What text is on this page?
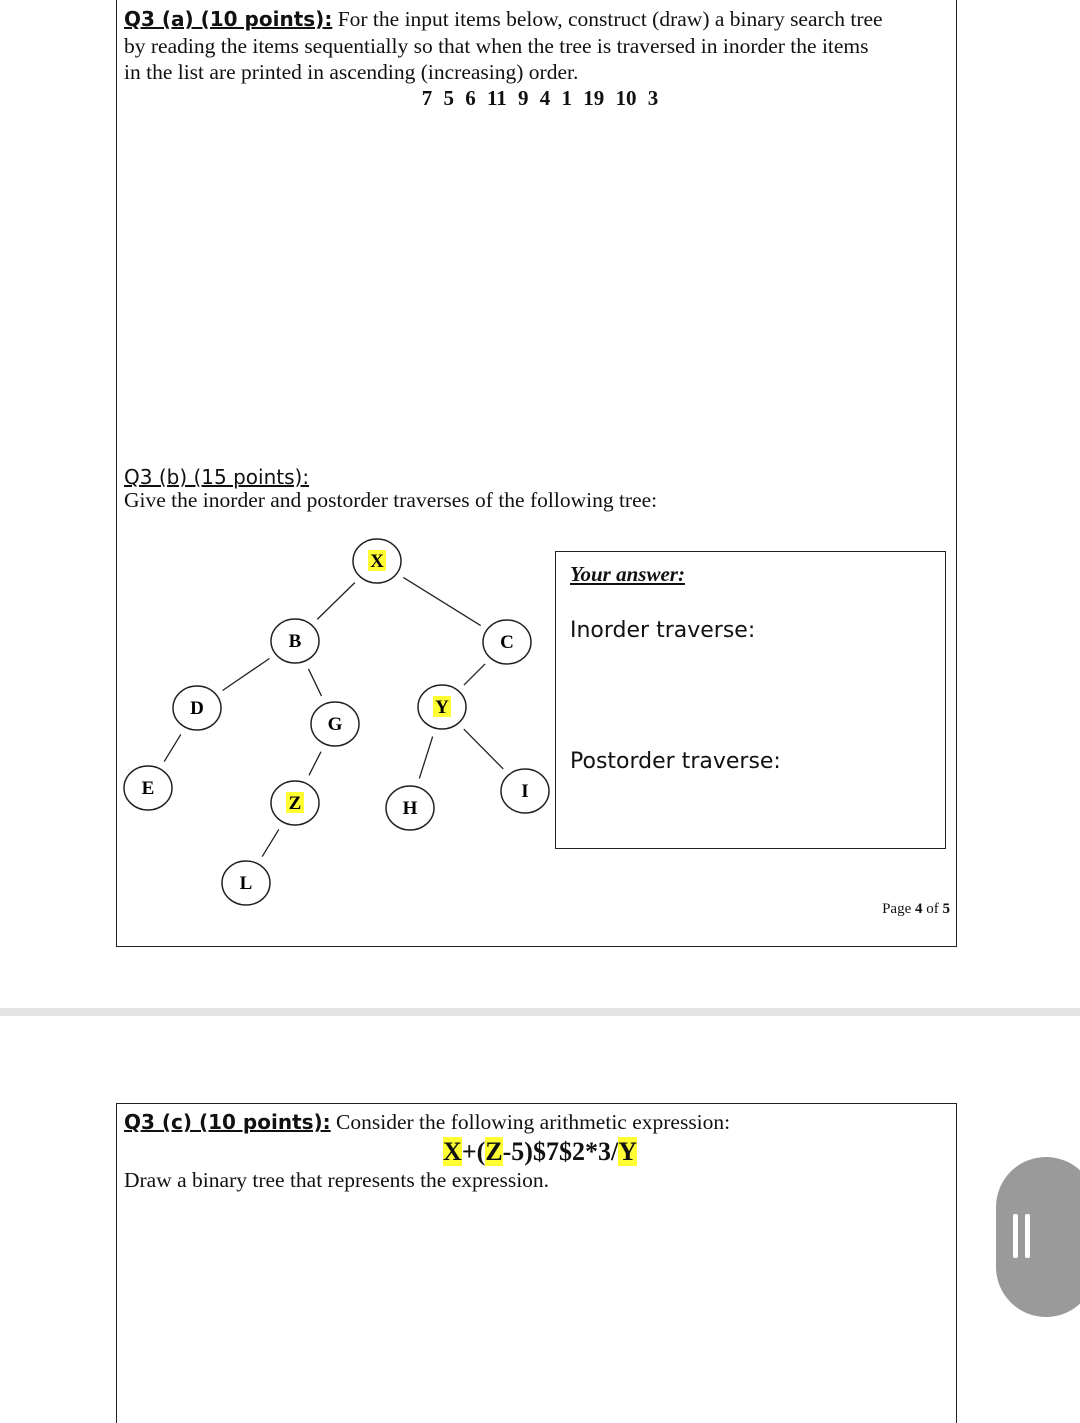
Q3 (a) (10 points): For the input items below, construct (draw) a binary search tree
by reading the items sequentially so that when the tree is traversed in inorder the items
in the list are printed in ascending (increasing) order.
7 5 6 11 9 4 1 19 10 3
Q3 (b) (15 points):
Give the inorder and postorder traverses of the following tree:
X
B	C
D
G
Y
E
Z	H
I
L
Your answer:
Inorder traverse:
Postorder traverse:
Page 4 of 5
Q3 (c) (10 points): Consider the following arithmetic expression:
X+(Z-5)$7$2*3/Y
Draw a binary tree that represents the expression.
